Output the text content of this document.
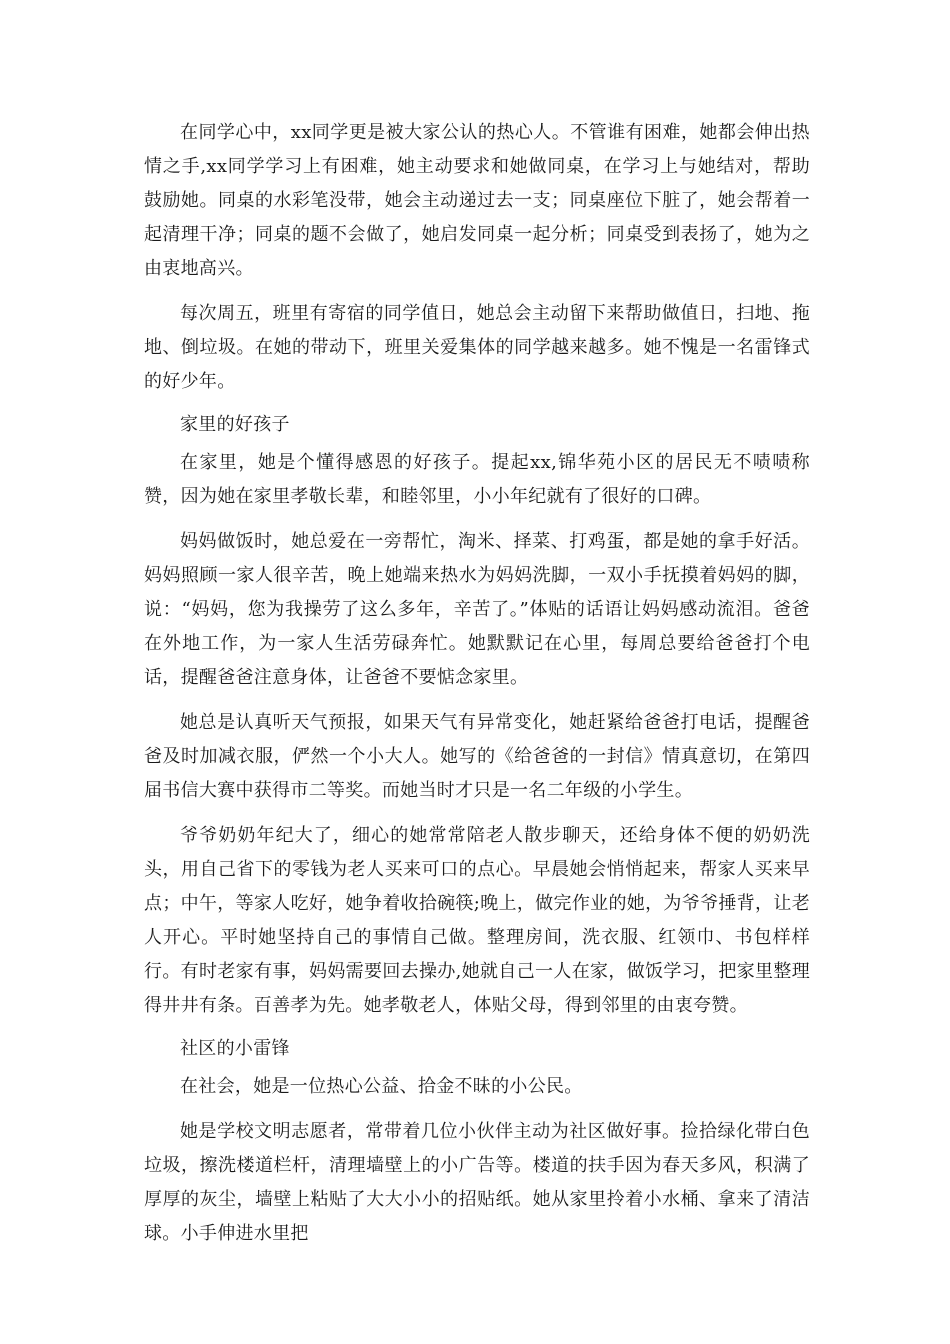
在同学心中，xx同学更是被大家公认的热心人。不管谁有困难，她都会伸出热情之手,xx同学学习上有困难，她主动要求和她做同桌，在学习上与她结对，帮助鼓励她。同桌的水彩笔没带，她会主动递过去一支；同桌座位下脏了，她会帮着一起清理干净；同桌的题不会做了，她启发同桌一起分析；同桌受到表扬了，她为之由衷地高兴。

每次周五，班里有寄宿的同学值日，她总会主动留下来帮助做值日，扫地、拖地、倒垃圾。在她的带动下，班里关爱集体的同学越来越多。她不愧是一名雷锋式的好少年。

家里的好孩子

在家里，她是个懂得感恩的好孩子。提起xx,锦华苑小区的居民无不啧啧称赞，因为她在家里孝敬长辈，和睦邻里，小小年纪就有了很好的口碑。

妈妈做饭时，她总爱在一旁帮忙，淘米、择菜、打鸡蛋，都是她的拿手好活。妈妈照顾一家人很辛苦，晚上她端来热水为妈妈洗脚，一双小手抚摸着妈妈的脚，说：“妈妈，您为我操劳了这么多年，辛苦了。”体贴的话语让妈妈感动流泪。爸爸在外地工作，为一家人生活劳碌奔忙。她默默记在心里，每周总要给爸爸打个电话，提醒爸爸注意身体，让爸爸不要惦念家里。

她总是认真听天气预报，如果天气有异常变化，她赶紧给爸爸打电话，提醒爸爸及时加减衣服，俨然一个小大人。她写的《给爸爸的一封信》情真意切，在第四届书信大赛中获得市二等奖。而她当时才只是一名二年级的小学生。

爷爷奶奶年纪大了，细心的她常常陪老人散步聊天，还给身体不便的奶奶洗头，用自己省下的零钱为老人买来可口的点心。早晨她会悄悄起来，帮家人买来早点；中午，等家人吃好，她争着收拾碗筷;晚上，做完作业的她，为爷爷捶背，让老人开心。平时她坚持自己的事情自己做。整理房间，洗衣服、红领巾、书包样样行。有时老家有事，妈妈需要回去操办,她就自己一人在家，做饭学习，把家里整理得井井有条。百善孝为先。她孝敬老人，体贴父母，得到邻里的由衷夸赞。

社区的小雷锋

在社会，她是一位热心公益、拾金不昧的小公民。

她是学校文明志愿者，常带着几位小伙伴主动为社区做好事。捡拾绿化带白色垃圾，擦洗楼道栏杆，清理墙壁上的小广告等。楼道的扶手因为春天多风，积满了厚厚的灰尘，墙壁上粘贴了大大小小的招贴纸。她从家里拎着小水桶、拿来了清洁球。小手伸进水里把
